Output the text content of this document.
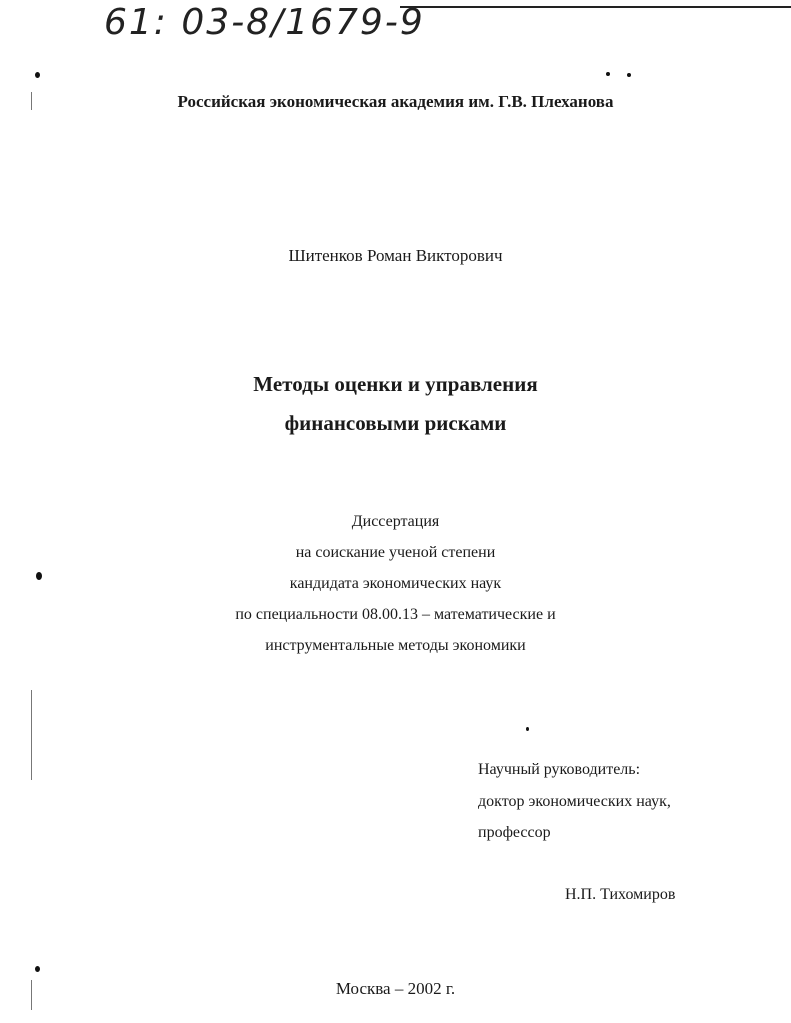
61: 03-8/1679-9
Российская экономическая академия им. Г.В. Плеханова
Шитенков Роман Викторович
Методы оценки и управления
финансовыми рисками
Диссертация
на соискание ученой степени
кандидата экономических наук
по специальности 08.00.13 – математические и
инструментальные методы экономики
Научный руководитель:
доктор экономических наук,
профессор
Н.П. Тихомиров
Москва – 2002 г.
